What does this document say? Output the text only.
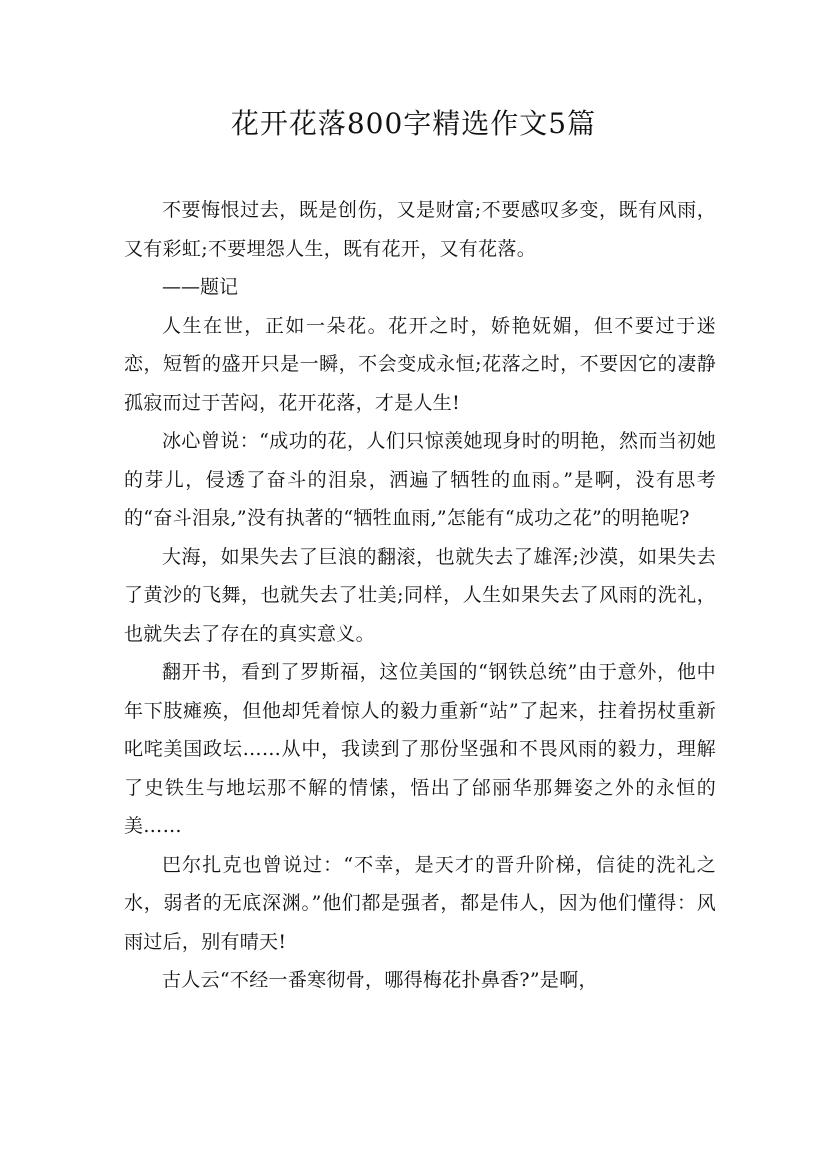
花开花落800字精选作文5篇

不要悔恨过去，既是创伤，又是财富;不要感叹多变，既有风雨，又有彩虹;不要埋怨人生，既有花开，又有花落。

——题记

人生在世，正如一朵花。花开之时，娇艳妩媚，但不要过于迷恋，短暂的盛开只是一瞬，不会变成永恒;花落之时，不要因它的凄静孤寂而过于苦闷，花开花落，才是人生!

冰心曾说：“成功的花，人们只惊羡她现身时的明艳，然而当初她的芽儿，侵透了奋斗的泪泉，洒遍了牺牲的血雨。”是啊，没有思考的“奋斗泪泉,”没有执著的“牺牲血雨,”怎能有“成功之花”的明艳呢?

大海，如果失去了巨浪的翻滚，也就失去了雄浑;沙漠，如果失去了黄沙的飞舞，也就失去了壮美;同样，人生如果失去了风雨的洗礼，也就失去了存在的真实意义。

翻开书，看到了罗斯福，这位美国的“钢铁总统”由于意外，他中年下肢瘫痪，但他却凭着惊人的毅力重新“站”了起来，拄着拐杖重新叱咤美国政坛……从中，我读到了那份坚强和不畏风雨的毅力，理解了史铁生与地坛那不解的情愫，悟出了邰丽华那舞姿之外的永恒的美……

巴尔扎克也曾说过：“不幸，是天才的晋升阶梯，信徒的洗礼之水，弱者的无底深渊。”他们都是强者，都是伟人，因为他们懂得：风雨过后，别有晴天!

古人云“不经一番寒彻骨，哪得梅花扑鼻香?”是啊，
